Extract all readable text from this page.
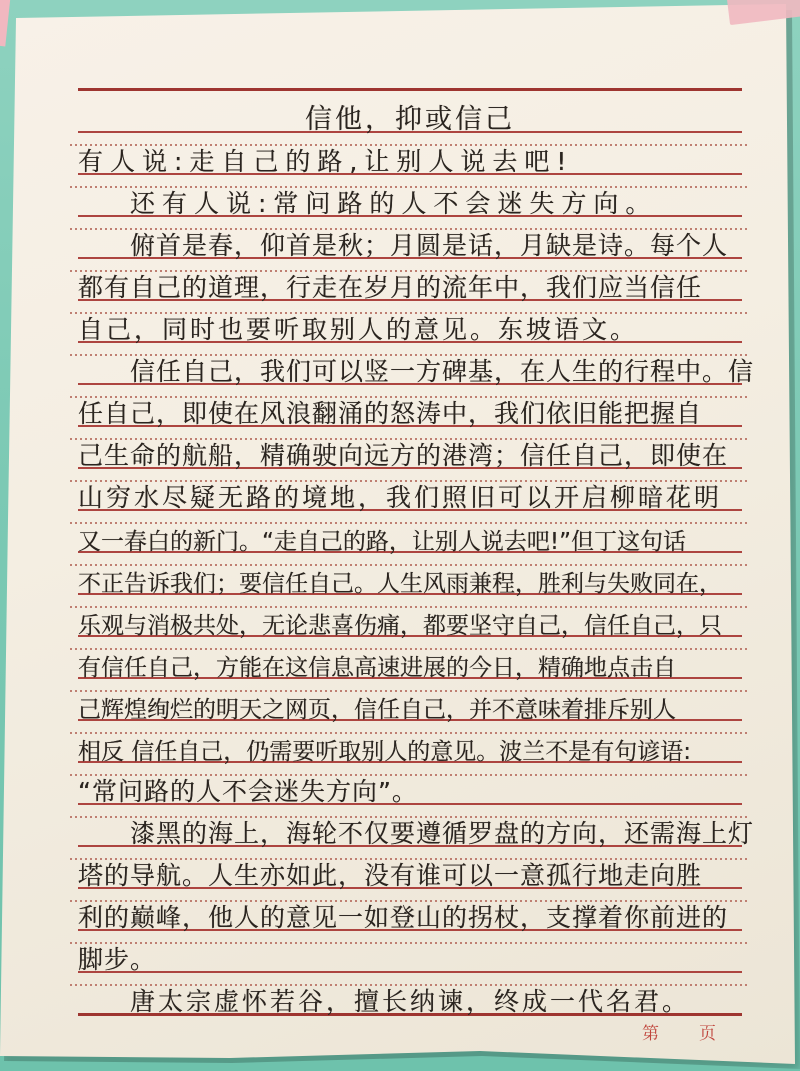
信他，抑或信己
有人说:走自己的路,让别人说去吧!
还有人说:常问路的人不会迷失方向。
俯首是春，仰首是秋；月圆是话，月缺是诗。每个人
都有自己的道理，行走在岁月的流年中，我们应当信任
自己，同时也要听取别人的意见。东坡语文。
信任自己，我们可以竖一方碑基，在人生的行程中。信
任自己，即使在风浪翻涌的怒涛中，我们依旧能把握自
己生命的航船，精确驶向远方的港湾；信任自己，即使在
山穷水尽疑无路的境地，我们照旧可以开启柳暗花明
又一春白的新门。“走自己的路，让别人说去吧!”但丁这句话
不正告诉我们；要信任自己。人生风雨兼程，胜利与失败同在，
乐观与消极共处，无论悲喜伤痛，都要坚守自己，信任自己，只
有信任自己，方能在这信息高速进展的今日，精确地点击自
己辉煌绚烂的明天之网页，信任自己，并不意味着排斥别人
相反 信任自己，仍需要听取别人的意见。波兰不是有句谚语:
“常问路的人不会迷失方向”。
漆黑的海上，海轮不仅要遵循罗盘的方向，还需海上灯
塔的导航。人生亦如此，没有谁可以一意孤行地走向胜
利的巅峰，他人的意见一如登山的拐杖，支撑着你前进的
脚步。
唐太宗虚怀若谷，擅长纳谏，终成一代名君。
第 页
